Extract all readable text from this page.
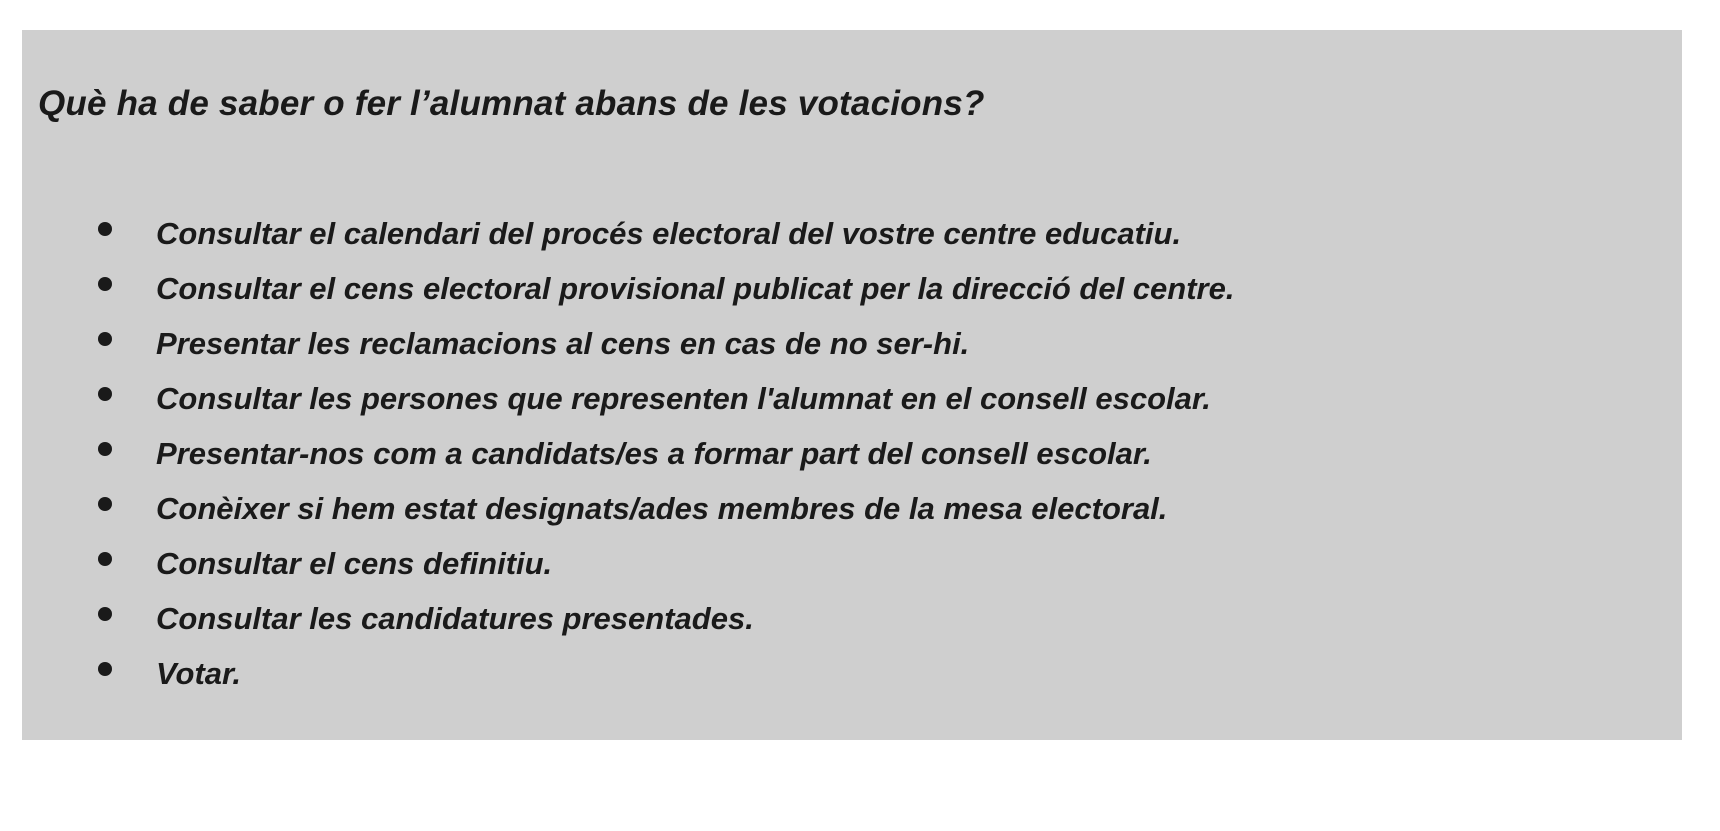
Què ha de saber o fer l’alumnat abans de les votacions?
Consultar el calendari del procés electoral del vostre centre educatiu.
Consultar el cens electoral provisional publicat per la direcció del centre.
Presentar les reclamacions al cens en cas de no ser-hi.
Consultar les persones que representen l'alumnat en el consell escolar.
Presentar-nos com a candidats/es a formar part del consell escolar.
Conèixer si hem estat designats/ades membres de la mesa electoral.
Consultar el cens definitiu.
Consultar les candidatures presentades.
Votar.
